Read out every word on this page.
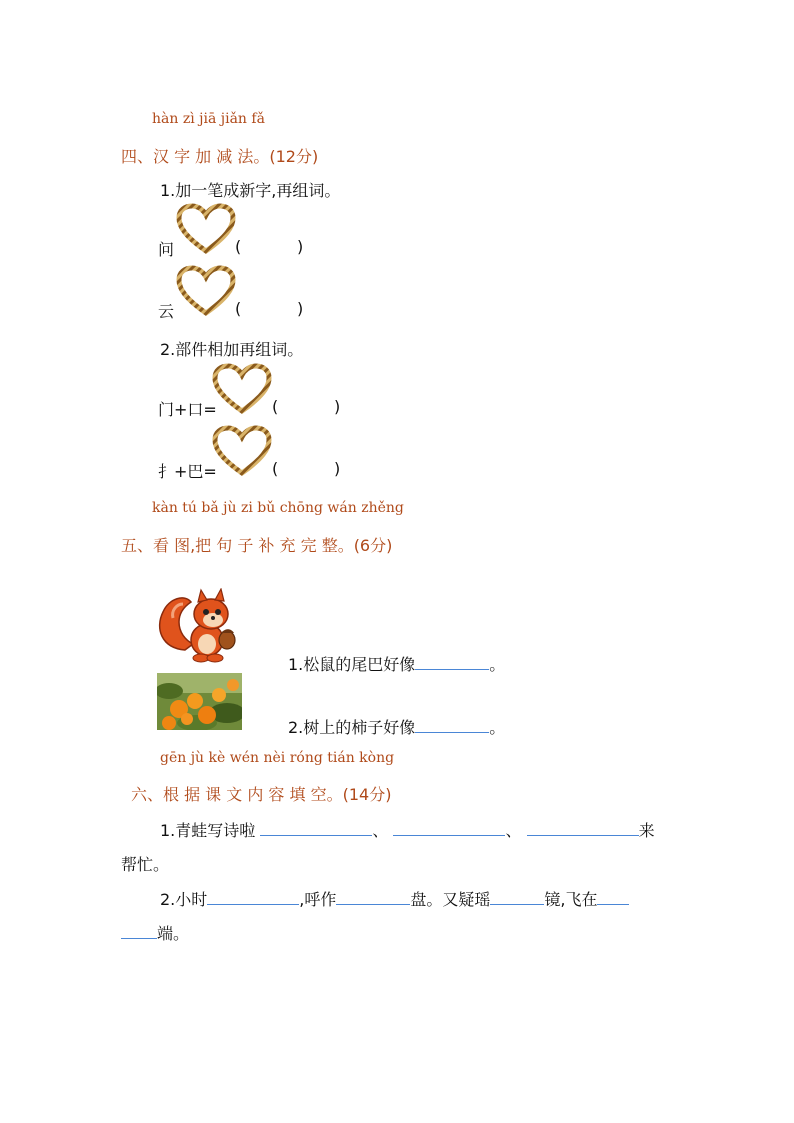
hàn zì jiā jiǎn fǎ
四、汉 字 加 减 法。(12分)
1.加一笔成新字,再组词。
问	(	)
云	(	)
2.部件相加再组词。
门+口=	(	)
扌+巴=	(	)
kàn tú bǎ jù zi bǔ chōng wán zhěng
五、看 图,把 句 子 补 充 完 整。(6分)
1.松鼠的尾巴好像	。
2.树上的柿子好像	。
gēn jù kè wén nèi róng tián kòng
六、根 据 课 文 内 容 填 空。(14分)
1.青蛙写诗啦	、	、	来
帮忙。
2.小时	,呼作	盘。又疑瑶	镜,飞在
端。
